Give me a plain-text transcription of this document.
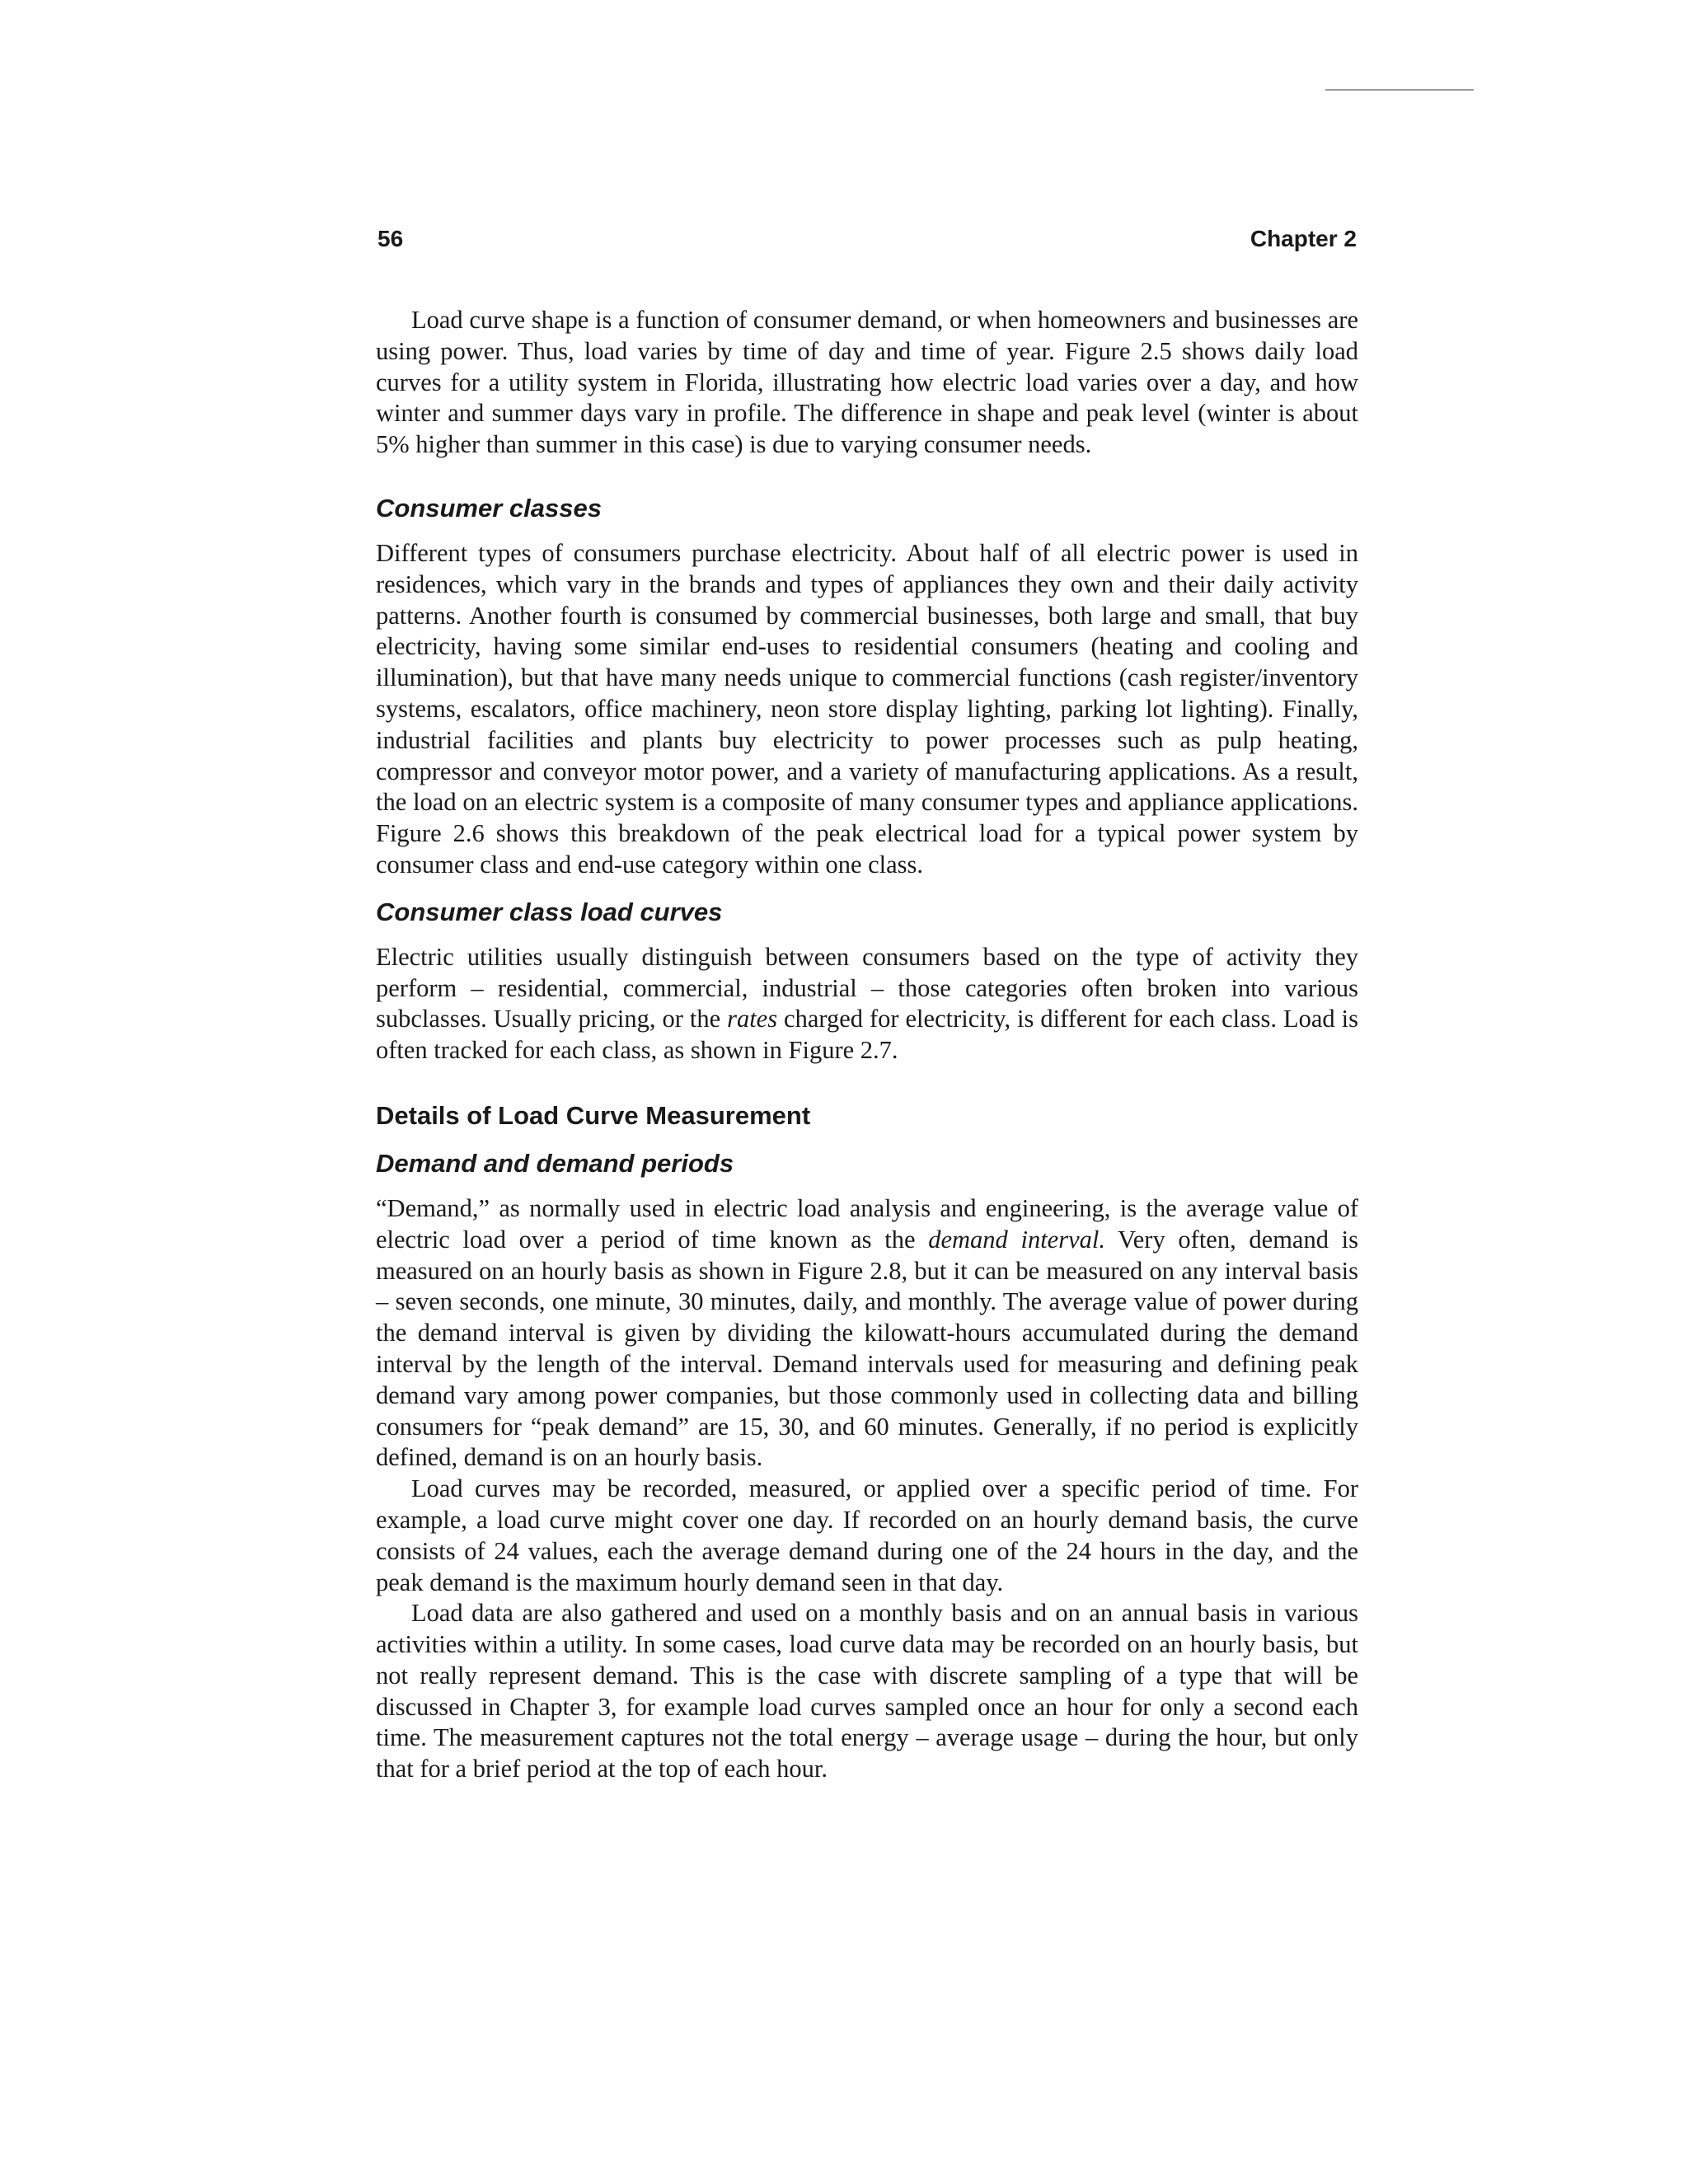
56	Chapter 2

Load curve shape is a function of consumer demand, or when homeowners and businesses are using power. Thus, load varies by time of day and time of year. Figure 2.5 shows daily load curves for a utility system in Florida, illustrating how electric load varies over a day, and how winter and summer days vary in profile. The difference in shape and peak level (winter is about 5% higher than summer in this case) is due to varying consumer needs.

Consumer classes

Different types of consumers purchase electricity. About half of all electric power is used in residences, which vary in the brands and types of appliances they own and their daily activity patterns. Another fourth is consumed by commercial businesses, both large and small, that buy electricity, having some similar end-uses to residential consumers (heating and cooling and illumination), but that have many needs unique to commercial functions (cash register/inventory systems, escalators, office machinery, neon store display lighting, parking lot lighting). Finally, industrial facilities and plants buy electricity to power processes such as pulp heating, compressor and conveyor motor power, and a variety of manufacturing applications. As a result, the load on an electric system is a composite of many consumer types and appliance applications. Figure 2.6 shows this breakdown of the peak electrical load for a typical power system by consumer class and end-use category within one class.

Consumer class load curves

Electric utilities usually distinguish between consumers based on the type of activity they perform – residential, commercial, industrial – those categories often broken into various subclasses. Usually pricing, or the rates charged for electricity, is different for each class. Load is often tracked for each class, as shown in Figure 2.7.

Details of Load Curve Measurement
Demand and demand periods

“Demand,” as normally used in electric load analysis and engineering, is the average value of electric load over a period of time known as the demand interval. Very often, demand is measured on an hourly basis as shown in Figure 2.8, but it can be measured on any interval basis – seven seconds, one minute, 30 minutes, daily, and monthly. The average value of power during the demand interval is given by dividing the kilowatt-hours accumulated during the demand interval by the length of the interval. Demand intervals used for measuring and defining peak demand vary among power companies, but those commonly used in collecting data and billing consumers for “peak demand” are 15, 30, and 60 minutes. Generally, if no period is explicitly defined, demand is on an hourly basis.

Load curves may be recorded, measured, or applied over a specific period of time. For example, a load curve might cover one day. If recorded on an hourly demand basis, the curve consists of 24 values, each the average demand during one of the 24 hours in the day, and the peak demand is the maximum hourly demand seen in that day.

Load data are also gathered and used on a monthly basis and on an annual basis in various activities within a utility. In some cases, load curve data may be recorded on an hourly basis, but not really represent demand. This is the case with discrete sampling of a type that will be discussed in Chapter 3, for example load curves sampled once an hour for only a second each time. The measurement captures not the total energy – average usage – during the hour, but only that for a brief period at the top of each hour.
